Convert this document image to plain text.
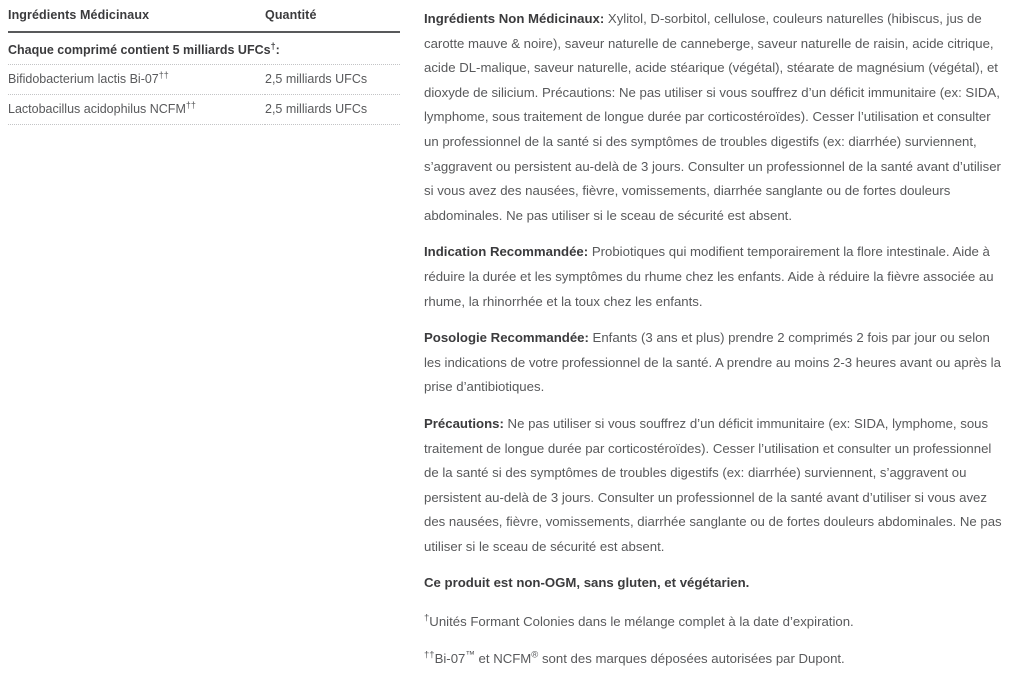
Ingrédients Médicinaux	Quantité
Chaque comprimé contient 5 milliards UFCs†:	
Bifidobacterium lactis Bi-07††	2,5 milliards UFCs
Lactobacillus acidophilus NCFM††	2,5 milliards UFCs

Ingrédients Non Médicinaux: Xylitol, D-sorbitol, cellulose, couleurs naturelles (hibiscus, jus de carotte mauve & noire), saveur naturelle de canneberge, saveur naturelle de raisin, acide citrique, acide DL-malique, saveur naturelle, acide stéarique (végétal), stéarate de magnésium (végétal), et dioxyde de silicium. Précautions: Ne pas utiliser si vous souffrez d’un déficit immunitaire (ex: SIDA, lymphome, sous traitement de longue durée par corticostéroïdes). Cesser l’utilisation et consulter un professionnel de la santé si des symptômes de troubles digestifs (ex: diarrhée) surviennent, s’aggravent ou persistent au-delà de 3 jours. Consulter un professionnel de la santé avant d’utiliser si vous avez des nausées, fièvre, vomissements, diarrhée sanglante ou de fortes douleurs abdominales. Ne pas utiliser si le sceau de sécurité est absent.

Indication Recommandée: Probiotiques qui modifient temporairement la flore intestinale. Aide à réduire la durée et les symptômes du rhume chez les enfants. Aide à réduire la fièvre associée au rhume, la rhinorrhée et la toux chez les enfants.

Posologie Recommandée: Enfants (3 ans et plus) prendre 2 comprimés 2 fois par jour ou selon les indications de votre professionnel de la santé. A prendre au moins 2-3 heures avant ou après la prise d’antibiotiques.

Précautions: Ne pas utiliser si vous souffrez d’un déficit immunitaire (ex: SIDA, lymphome, sous traitement de longue durée par corticostéroïdes). Cesser l’utilisation et consulter un professionnel de la santé si des symptômes de troubles digestifs (ex: diarrhée) surviennent, s’aggravent ou persistent au-delà de 3 jours. Consulter un professionnel de la santé avant d’utiliser si vous avez des nausées, fièvre, vomissements, diarrhée sanglante ou de fortes douleurs abdominales. Ne pas utiliser si le sceau de sécurité est absent.

Ce produit est non-OGM, sans gluten, et végétarien.

†Unités Formant Colonies dans le mélange complet à la date d’expiration.

††Bi-07™ et NCFM® sont des marques déposées autorisées par Dupont.
